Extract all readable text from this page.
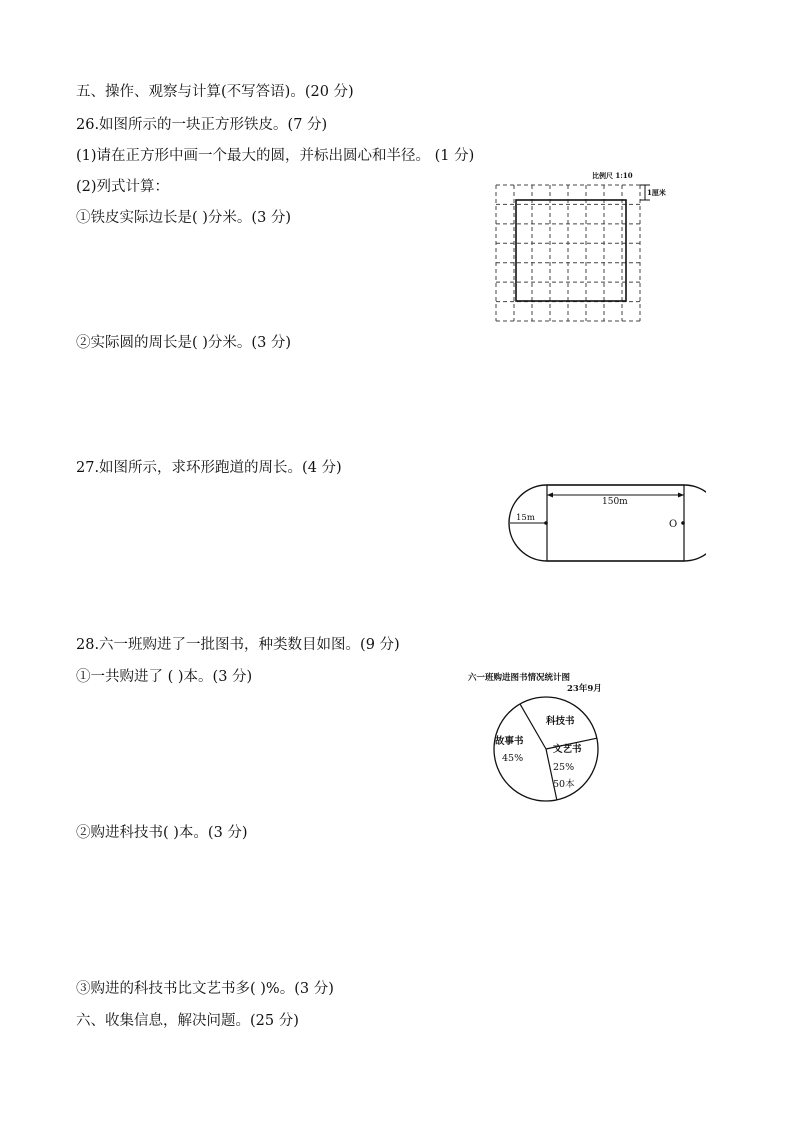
五、操作、观察与计算(不写答语)。(20 分)
26.如图所示的一块正方形铁皮。(7 分)
(1)请在正方形中画一个最大的圆，并标出圆心和半径。 (1 分)
(2)列式计算：
①铁皮实际边长是( )分米。(3 分)
②实际圆的周长是( )分米。(3 分)
27.如图所示，求环形跑道的周长。(4 分)
28.六一班购进了一批图书，种类数目如图。(9 分)
①一共购进了 ( )本。(3 分)
②购进科技书( )本。(3 分)
③购进的科技书比文艺书多( )%。(3 分)
六、收集信息，解决问题。(25 分)
比例尺 1:10
1厘米
150m
15m
O
六一班购进图书情况统计图
23年9月
科技书
故事书
45%
文艺书
25%
50本
